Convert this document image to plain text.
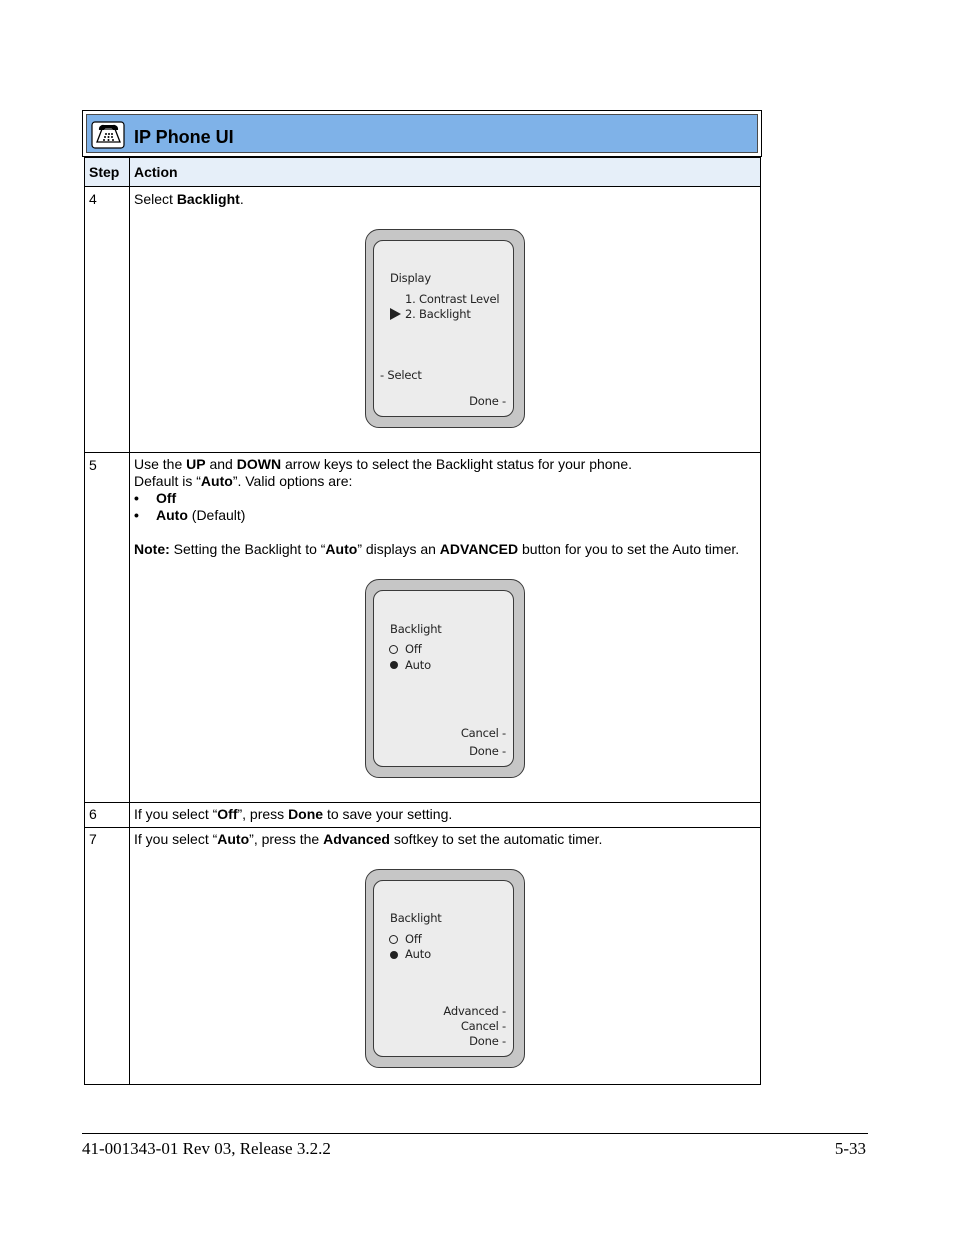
IP Phone UI
Step Action
4	Select Backlight.
Display
1. Contrast Level
2. Backlight
- Select
Done -
5	Use the UP and DOWN arrow keys to select the Backlight status for your phone.
Default is “Auto”. Valid options are:
• Off
• Auto (Default)
Note: Setting the Backlight to “Auto” displays an ADVANCED button for you to set the Auto timer.
Backlight
Off
Auto
Cancel -
Done -
6	If you select “Off”, press Done to save your setting.
7	If you select “Auto”, press the Advanced softkey to set the automatic timer.
Backlight
Off
Auto
Advanced -
Cancel -
Done -
41-001343-01 Rev 03, Release 3.2.2	5-33
